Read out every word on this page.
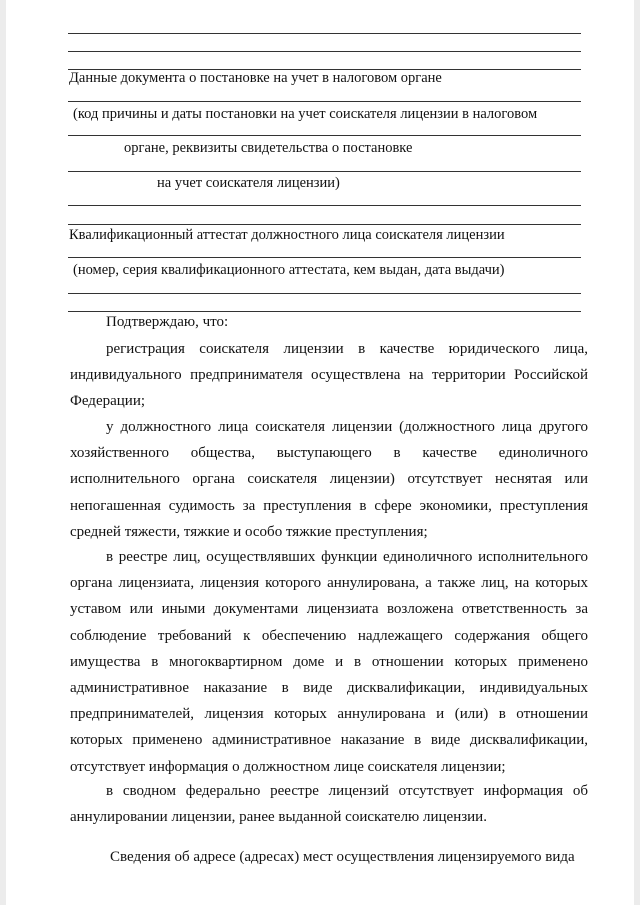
Данные документа о постановке на учет в налоговом органе
(код причины и даты постановки на учет соискателя лицензии в налоговом
органе, реквизиты свидетельства о постановке
на учет соискателя лицензии)
Квалификационный аттестат должностного лица соискателя лицензии
(номер, серия квалификационного аттестата, кем выдан, дата выдачи)
Подтверждаю, что:

регистрация соискателя лицензии в качестве юридического лица, индивидуального предпринимателя осуществлена на территории Российской Федерации;

у должностного лица соискателя лицензии (должностного лица другого хозяйственного общества, выступающего в качестве единоличного исполнительного органа соискателя лицензии) отсутствует неснятая или непогашенная судимость за преступления в сфере экономики, преступления средней тяжести, тяжкие и особо тяжкие преступления;

в реестре лиц, осуществлявших функции единоличного исполнительного органа лицензиата, лицензия которого аннулирована, а также лиц, на которых уставом или иными документами лицензиата возложена ответственность за соблюдение требований к обеспечению надлежащего содержания общего имущества в многоквартирном доме и в отношении которых применено административное наказание в виде дисквалификации, индивидуальных предпринимателей, лицензия которых аннулирована и (или) в отношении которых применено административное наказание в виде дисквалификации, отсутствует информация о должностном лице соискателя лицензии;

в сводном федерально реестре лицензий отсутствует информация об аннулировании лицензии, ранее выданной соискателю лицензии.

Сведения об адресе (адресах) мест осуществления лицензируемого вида
